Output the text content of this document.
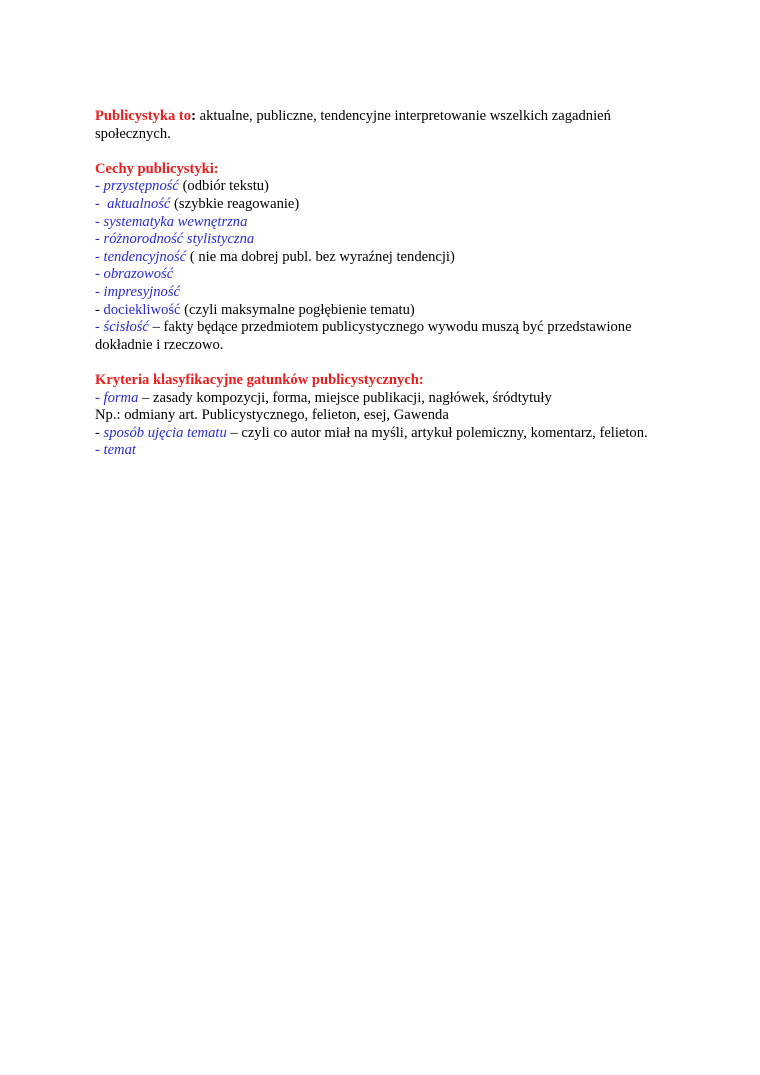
Publicystyka to: aktualne, publiczne, tendencyjne interpretowanie wszelkich zagadnień społecznych.
Cechy publicystyki:
- przystępność (odbiór tekstu)
-  aktualność (szybkie reagowanie)
- systematyka wewnętrzna
- różnorodność stylistyczna
- tendencyjność ( nie ma dobrej publ. bez wyraźnej tendencji)
- obrazowość
- impresyjność
- dociekliwość (czyli maksymalne pogłębienie tematu)
- ścisłość – fakty będące przedmiotem publicystycznego wywodu muszą być przedstawione dokładnie i rzeczowo.
Kryteria klasyfikacyjne gatunków publicystycznych:
- forma – zasady kompozycji, forma, miejsce publikacji, nagłówek, śródtytuły
Np.: odmiany art. Publicystycznego, felieton, esej, Gawenda
- sposób ujęcia tematu – czyli co autor miał na myśli, artykuł polemiczny, komentarz, felieton.
- temat
